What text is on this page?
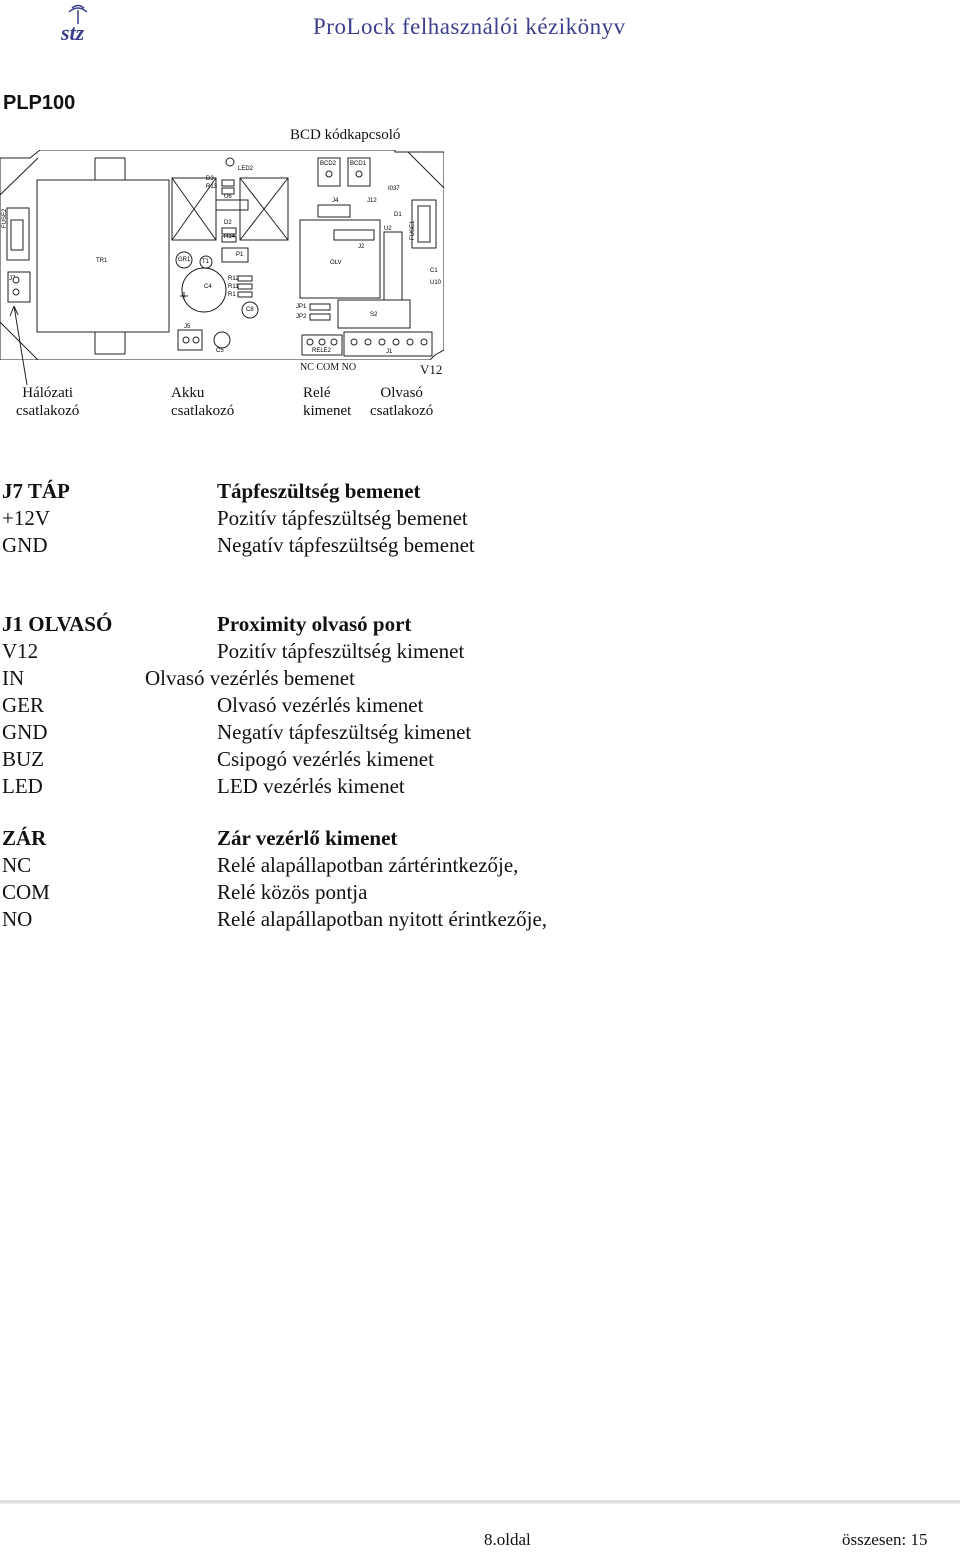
stz	ProLock felhasználói kézikönyv
PLP100
BCD kódkapcsoló
TR1
FUSE2
J7
LED2
D3
R13
U6
D2
R14
BCD2 BCD1
I037
J4	J12
OLV
J2
U2
D1
FUSE1
C1
U10
GR1 T1
P1
C4
R12
R11
R1
C8
J5
C5
JP1
JP2	S2
RELE2	J1
NC COM NO	V12
Hálózati
csatlakozó
Akku
csatlakozó
Relé
kimenet
Olvasó
csatlakozó
J7 TÁP	Tápfeszültség bemenet
+12V	Pozitív tápfeszültség bemenet
GND	Negatív tápfeszültség bemenet
J1 OLVASÓ	Proximity olvasó port
V12	Pozitív tápfeszültség kimenet
IN	Olvasó vezérlés bemenet
GER	Olvasó vezérlés kimenet
GND	Negatív tápfeszültség kimenet
BUZ	Csipogó vezérlés kimenet
LED	LED vezérlés kimenet
ZÁR	Zár vezérlő kimenet
NC	Relé alapállapotban zártérintkezője,
COM	Relé közös pontja
NO	Relé alapállapotban nyitott érintkezője,
8.oldal	összesen: 15
